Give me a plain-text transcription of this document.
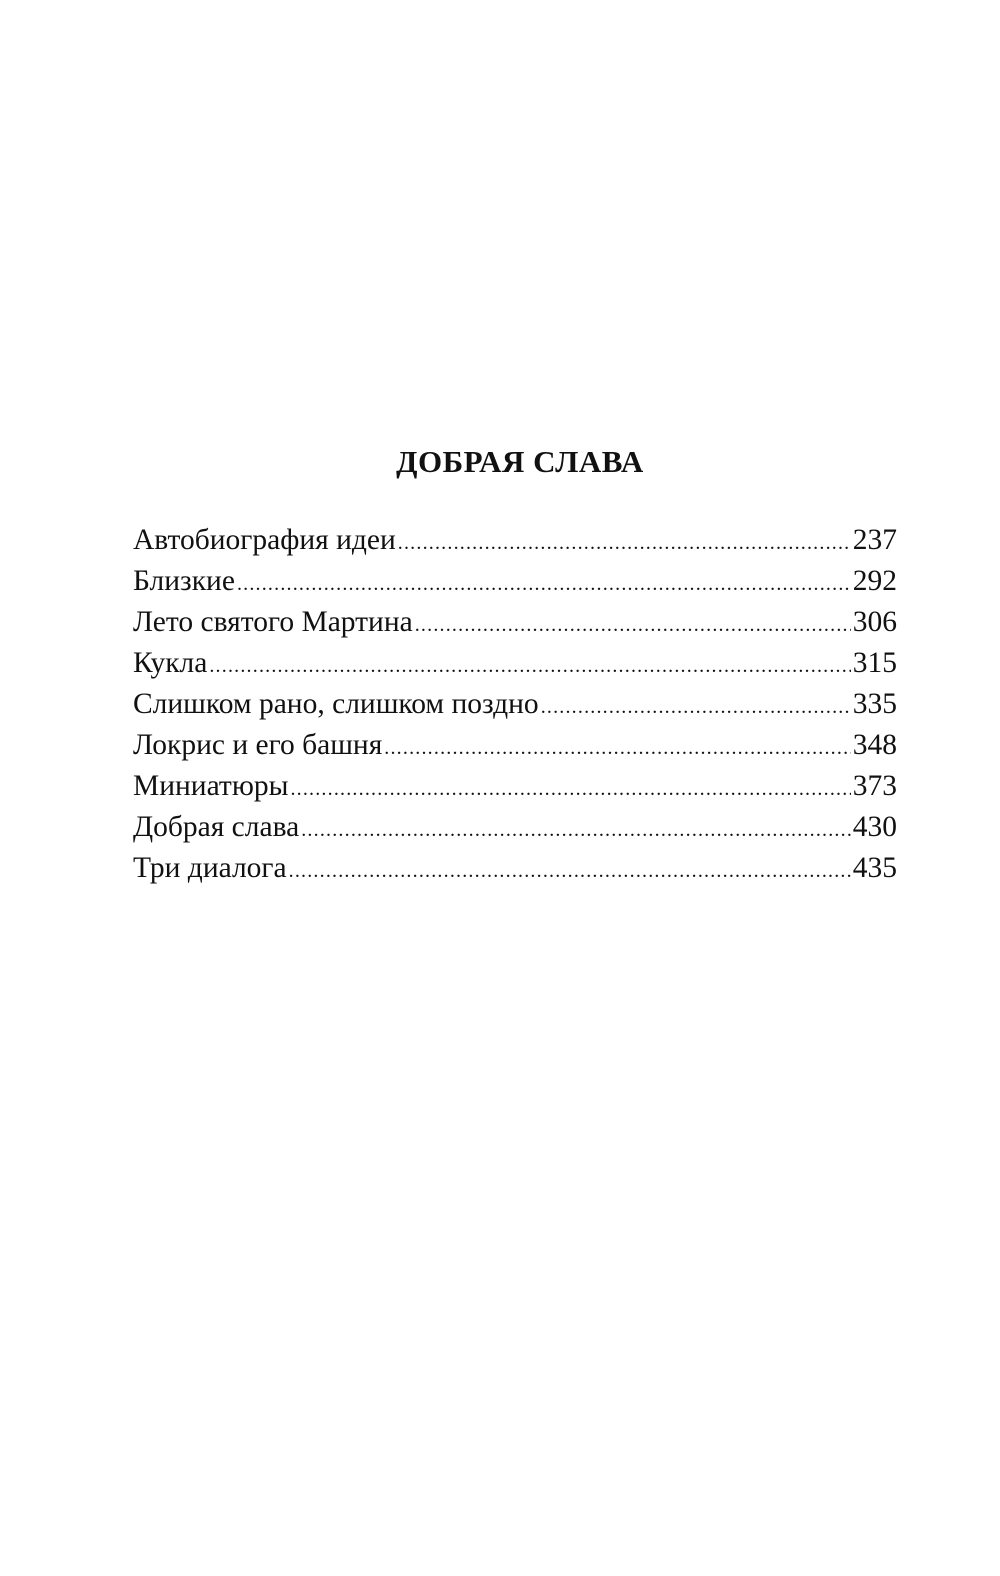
ДОБРАЯ СЛАВА
Автобиография идеи .....	237
Близкие .....	292
Лето святого Мартина .....	306
Кукла .....	315
Слишком рано, слишком поздно .....	335
Локрис и его башня .....	348
Миниатюры .....	373
Добрая слава .....	430
Три диалога .....	435
